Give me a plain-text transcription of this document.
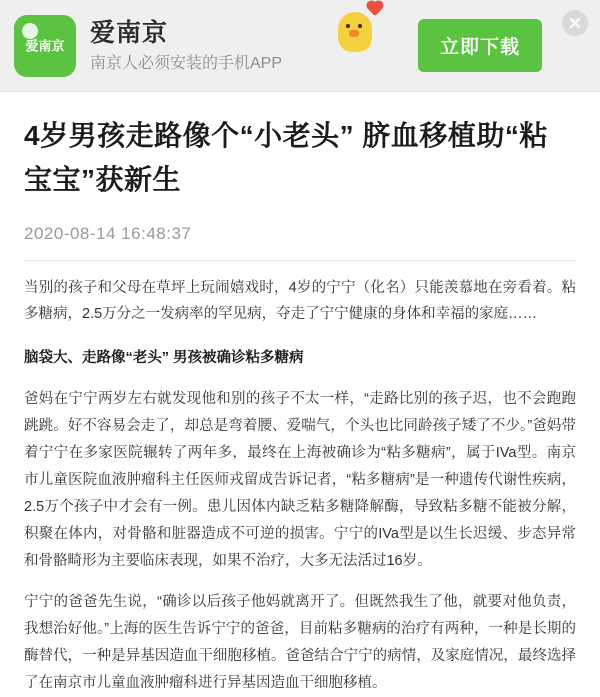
爱南京	爱南京
南京人必须安装的手机APP
立即下载
4岁男孩走路像个“小老头” 脐血移植助“粘宝宝”获新生
2020-08-14 16:48:37

当别的孩子和父母在草坪上玩闹嬉戏时，4岁的宁宁（化名）只能羡慕地在旁看着。粘多糖病，2.5万分之一发病率的罕见病，夺走了宁宁健康的身体和幸福的家庭……

脑袋大、走路像“老头” 男孩被确诊粘多糖病

爸妈在宁宁两岁左右就发现他和别的孩子不太一样，“走路比别的孩子迟，也不会跑跑跳跳。好不容易会走了，却总是弯着腰、爱喘气，个头也比同龄孩子矮了不少。”爸妈带着宁宁在多家医院辗转了两年多，最终在上海被确诊为“粘多糖病”，属于IVa型。南京市儿童医院血液肿瘤科主任医师戎留成告诉记者，“粘多糖病”是一种遗传代谢性疾病，2.5万个孩子中才会有一例。患儿因体内缺乏粘多糖降解酶，导致粘多糖不能被分解，积聚在体内，对骨骼和脏器造成不可逆的损害。宁宁的IVa型是以生长迟缓、步态异常和骨骼畸形为主要临床表现，如果不治疗，大多无法活过16岁。

宁宁的爸爸先生说，“确诊以后孩子他妈就离开了。但既然我生了他，就要对他负责，我想治好他。”上海的医生告诉宁宁的爸爸，目前粘多糖病的治疗有两种，一种是长期的酶替代，一种是异基因造血干细胞移植。爸爸结合宁宁的病情，及家庭情况，最终选择了在南京市儿童血液肿瘤科进行异基因造血干细胞移植。
